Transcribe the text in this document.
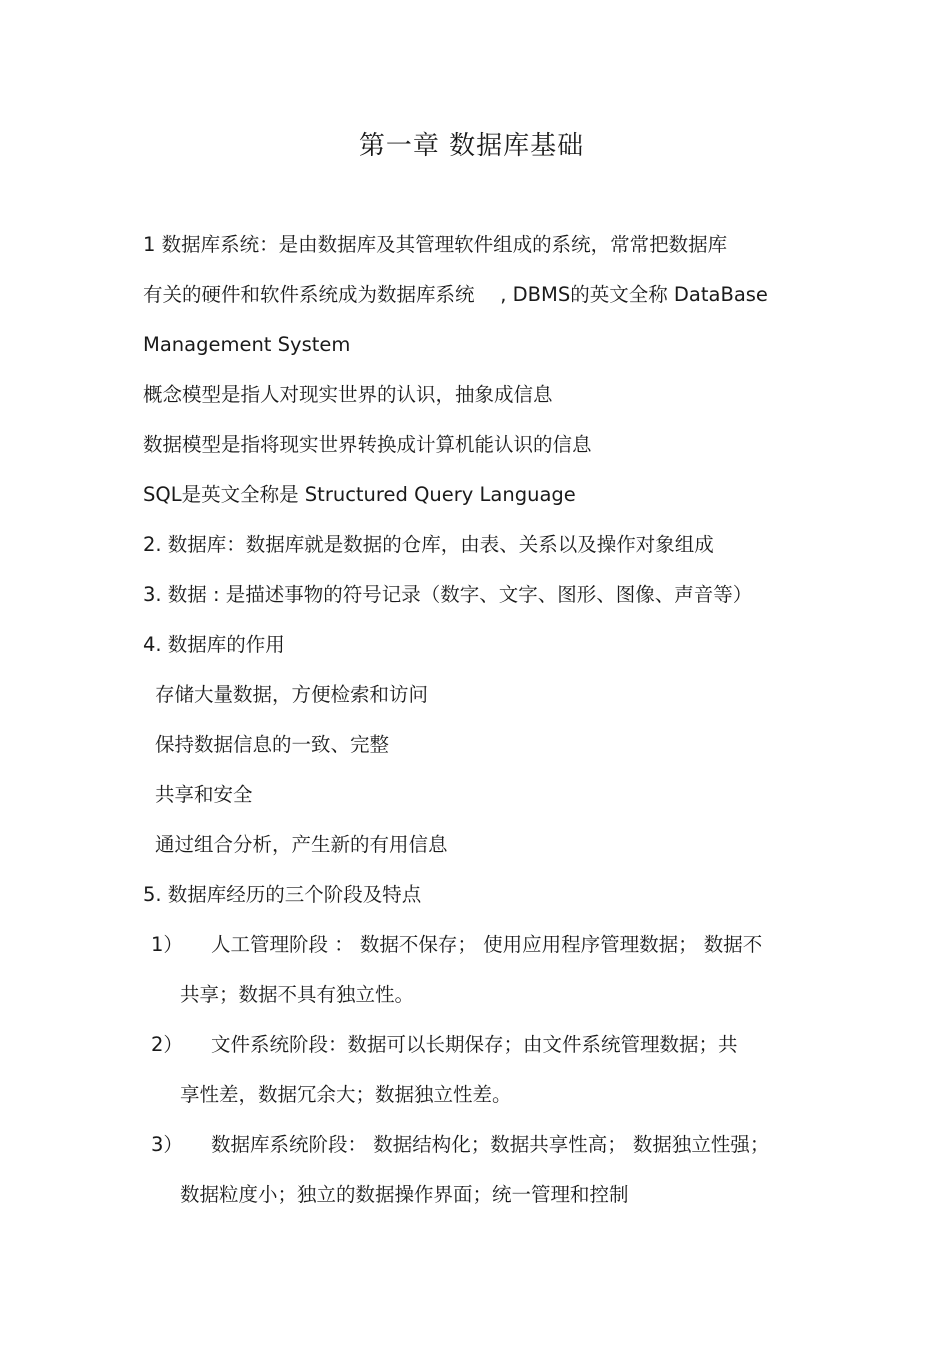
第一章 数据库基础
1 数据库系统：是由数据库及其管理软件组成的系统，常常把数据库
有关的硬件和软件系统成为数据库系统　 , DBMS的英文全称 DataBase
Management System
概念模型是指人对现实世界的认识，抽象成信息
数据模型是指将现实世界转换成计算机能认识的信息
SQL是英文全称是 Structured Query Language
2. 数据库：数据库就是数据的仓库，由表、关系以及操作对象组成
3. 数据 : 是描述事物的符号记录（数字、文字、图形、图像、声音等）
4. 数据库的作用
存储大量数据，方便检索和访问
保持数据信息的一致、完整
共享和安全
通过组合分析，产生新的有用信息
5. 数据库经历的三个阶段及特点
1） 人工管理阶段 ： 数据不保存； 使用应用程序管理数据； 数据不
共享；数据不具有独立性。
2） 文件系统阶段：数据可以长期保存；由文件系统管理数据；共
享性差，数据冗余大；数据独立性差。
3） 数据库系统阶段： 数据结构化；数据共享性高； 数据独立性强；
数据粒度小；独立的数据操作界面；统一管理和控制
